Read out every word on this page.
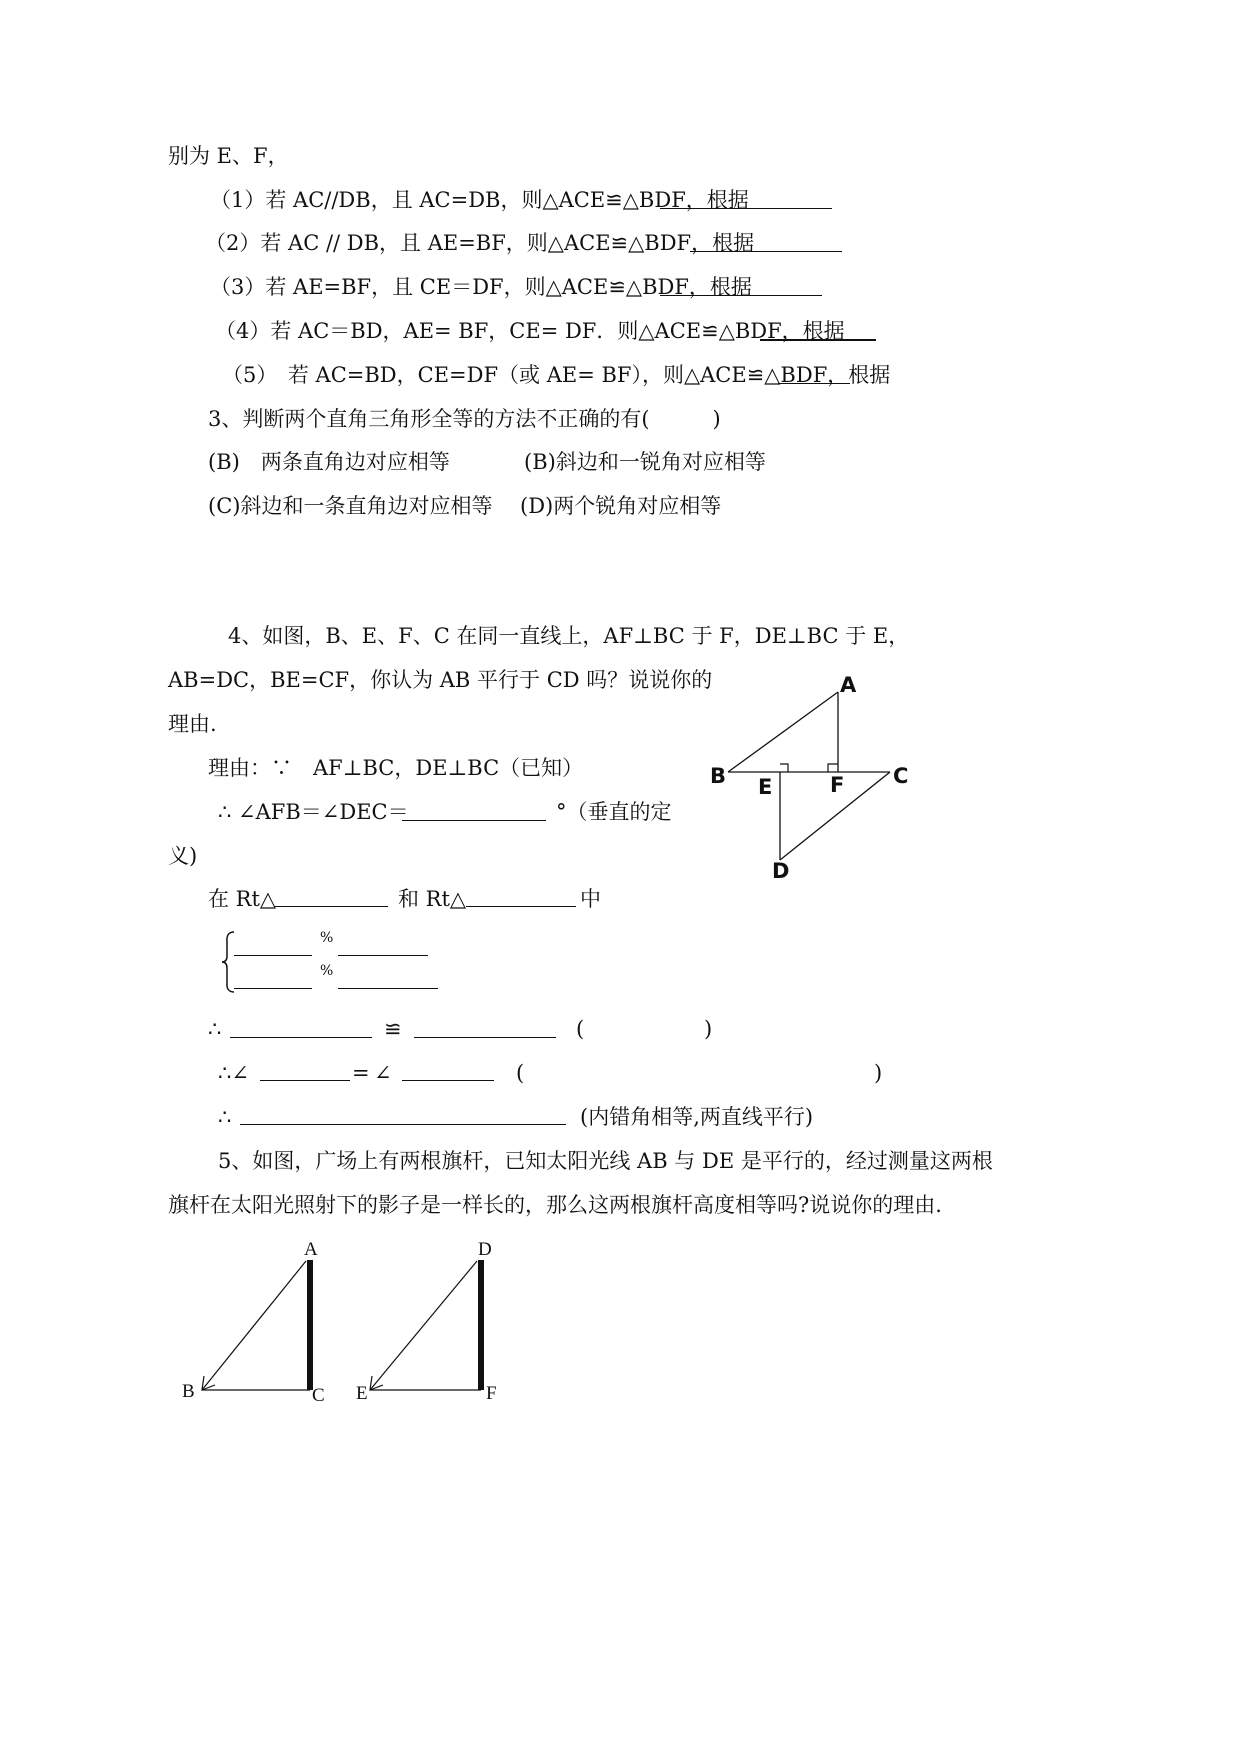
别为 E、F，
（1）若 AC//DB，且 AC=DB，则△ACE≌△BDF，根据
（2）若 AC // DB，且 AE=BF，则△ACE≌△BDF，根据
（3）若 AE=BF，且 CE＝DF，则△ACE≌△BDF，根据
（4）若 AC＝BD，AE= BF，CE= DF．则△ACE≌△BDF，根据
（5）　若 AC=BD，CE=DF（或 AE= BF），则△ACE≌△BDF，根据
3、判断两个直角三角形全等的方法不正确的有(　　　)
(B)　两条直角边对应相等	(B)斜边和一锐角对应相等
(C)斜边和一条直角边对应相等 (D)两个锐角对应相等
4、如图，B、E、F、C 在同一直线上，AF⊥BC 于 F，DE⊥BC 于 E，
AB=DC，BE=CF，你认为 AB 平行于 CD 吗？说说你的
理由.
理由：∵　AF⊥BC，DE⊥BC（已知）
∴ ∠AFB＝∠DEC＝	°（垂直的定
义)
在 Rt△	和 Rt△	中
%
%
∴	≌	(	)
∴∠	= ∠	(	)
∴	(内错角相等,两直线平行)
5、如图，广场上有两根旗杆，已知太阳光线 AB 与 DE 是平行的，经过测量这两根
旗杆在太阳光照射下的影子是一样长的，那么这两根旗杆高度相等吗?说说你的理由.
A
B E	F C
D
A
B	C
D
E	F
